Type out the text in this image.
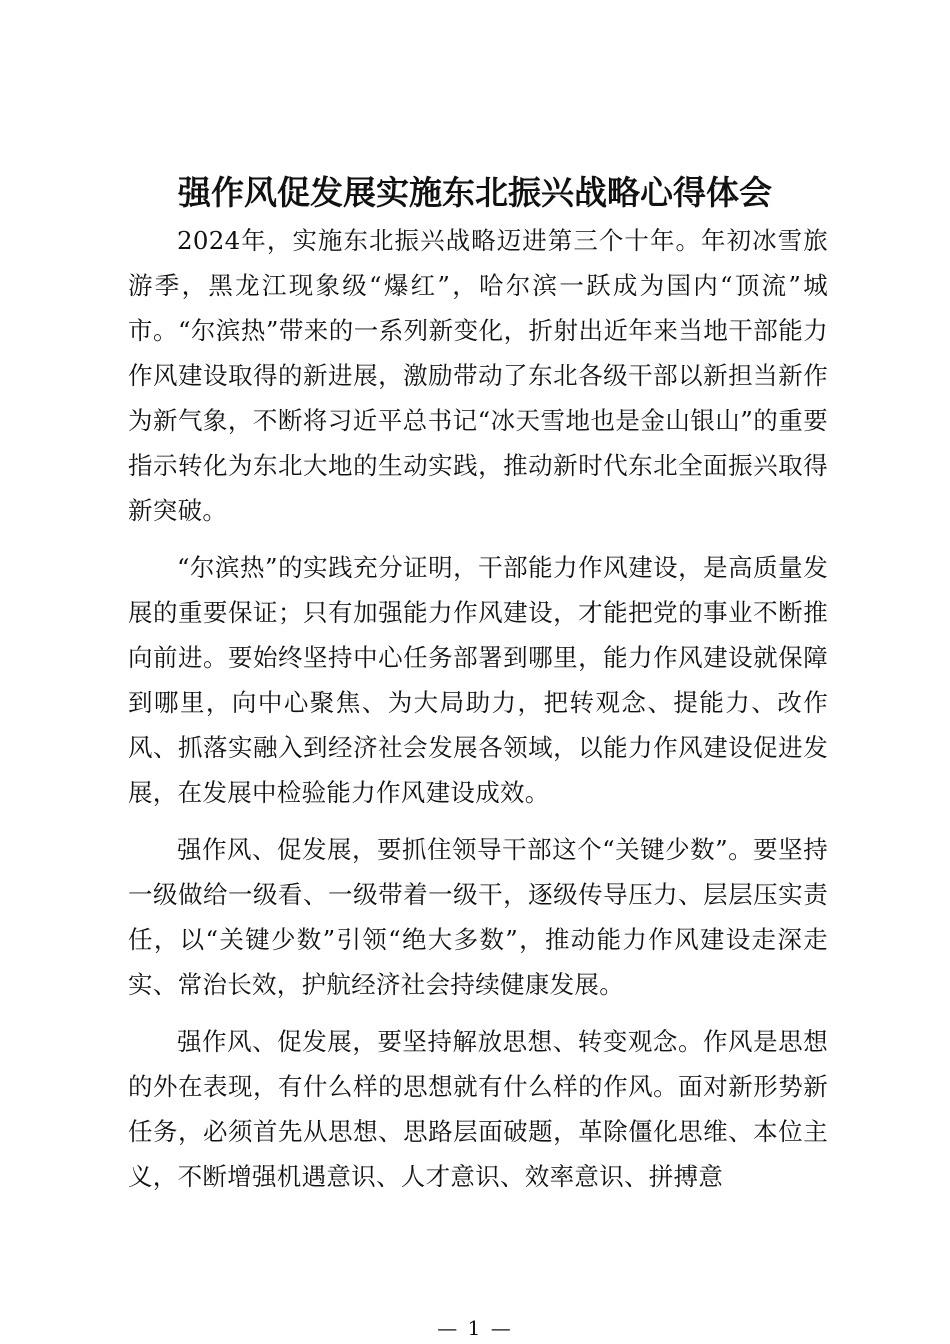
强作风促发展实施东北振兴战略心得体会

2024年，实施东北振兴战略迈进第三个十年。年初冰雪旅游季，黑龙江现象级“爆红”，哈尔滨一跃成为国内“顶流”城市。“尔滨热”带来的一系列新变化，折射出近年来当地干部能力作风建设取得的新进展，激励带动了东北各级干部以新担当新作为新气象，不断将习近平总书记“冰天雪地也是金山银山”的重要指示转化为东北大地的生动实践，推动新时代东北全面振兴取得新突破。

“尔滨热”的实践充分证明，干部能力作风建设，是高质量发展的重要保证；只有加强能力作风建设，才能把党的事业不断推向前进。要始终坚持中心任务部署到哪里，能力作风建设就保障到哪里，向中心聚焦、为大局助力，把转观念、提能力、改作风、抓落实融入到经济社会发展各领域，以能力作风建设促进发展，在发展中检验能力作风建设成效。

强作风、促发展，要抓住领导干部这个“关键少数”。要坚持一级做给一级看、一级带着一级干，逐级传导压力、层层压实责任，以“关键少数”引领“绝大多数”，推动能力作风建设走深走实、常治长效，护航经济社会持续健康发展。

强作风、促发展，要坚持解放思想、转变观念。作风是思想的外在表现，有什么样的思想就有什么样的作风。面对新形势新任务，必须首先从思想、思路层面破题，革除僵化思维、本位主义，不断增强机遇意识、人才意识、效率意识、拼搏意

— 1 —
